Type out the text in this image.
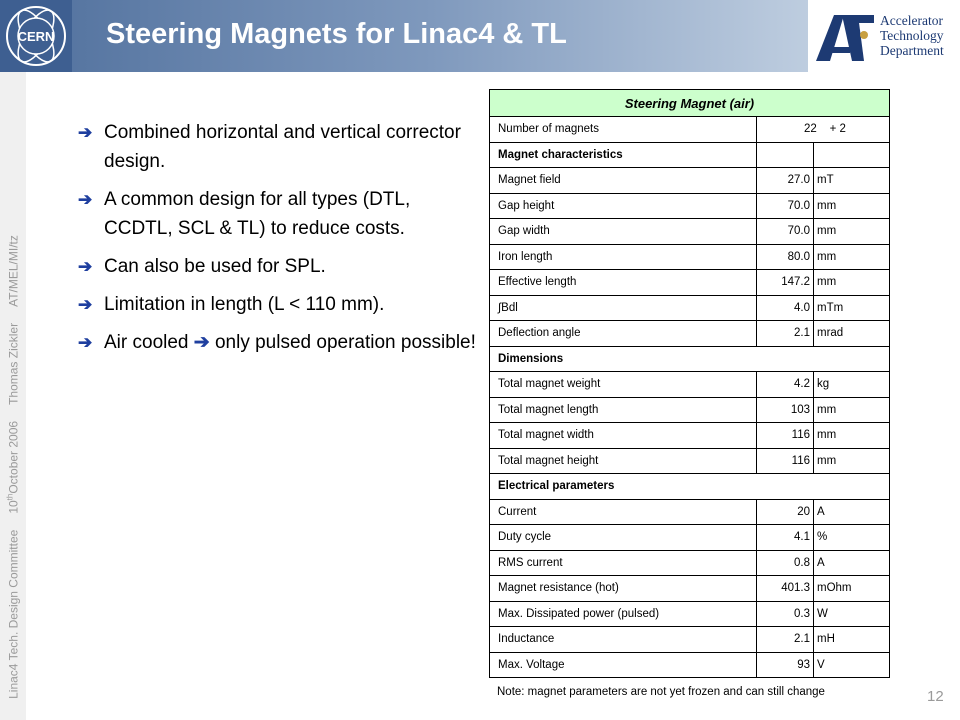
CERN Steering Magnets for Linac4 & TL	Accelerator
Technology
Department
Linac4 Tech. Design Committee10thOctober 2006Thomas ZicklerAT/MEL/MI/tz
➔ Combined horizontal and vertical corrector design.
➔ A common design for all types (DTL, CCDTL, SCL & TL) to reduce costs.
➔ Can also be used for SPL.
➔ Limitation in length (L < 110 mm).
➔ Air cooled ➔ only pulsed operation possible!
Steering Magnet (air)		
Number of magnets	22 + 2	
Magnet characteristics		
Magnet field	27.0	mT
Gap height	70.0	mm
Gap width	70.0	mm
Iron length	80.0	mm
Effective length	147.2	mm
∫Bdl	4.0	mTm
Deflection angle	2.1	mrad
Dimensions		
Total magnet weight	4.2	kg
Total magnet length	103	mm
Total magnet width	116	mm
Total magnet height	116	mm
Electrical parameters		
Current	20	A
Duty cycle	4.1	%
RMS current	0.8	A
Magnet resistance (hot)	401.3	mOhm
Max. Dissipated power (pulsed)	0.3	W
Inductance	2.1	mH
Max. Voltage	93	V
Note: magnet parameters are not yet frozen and can still change	12
